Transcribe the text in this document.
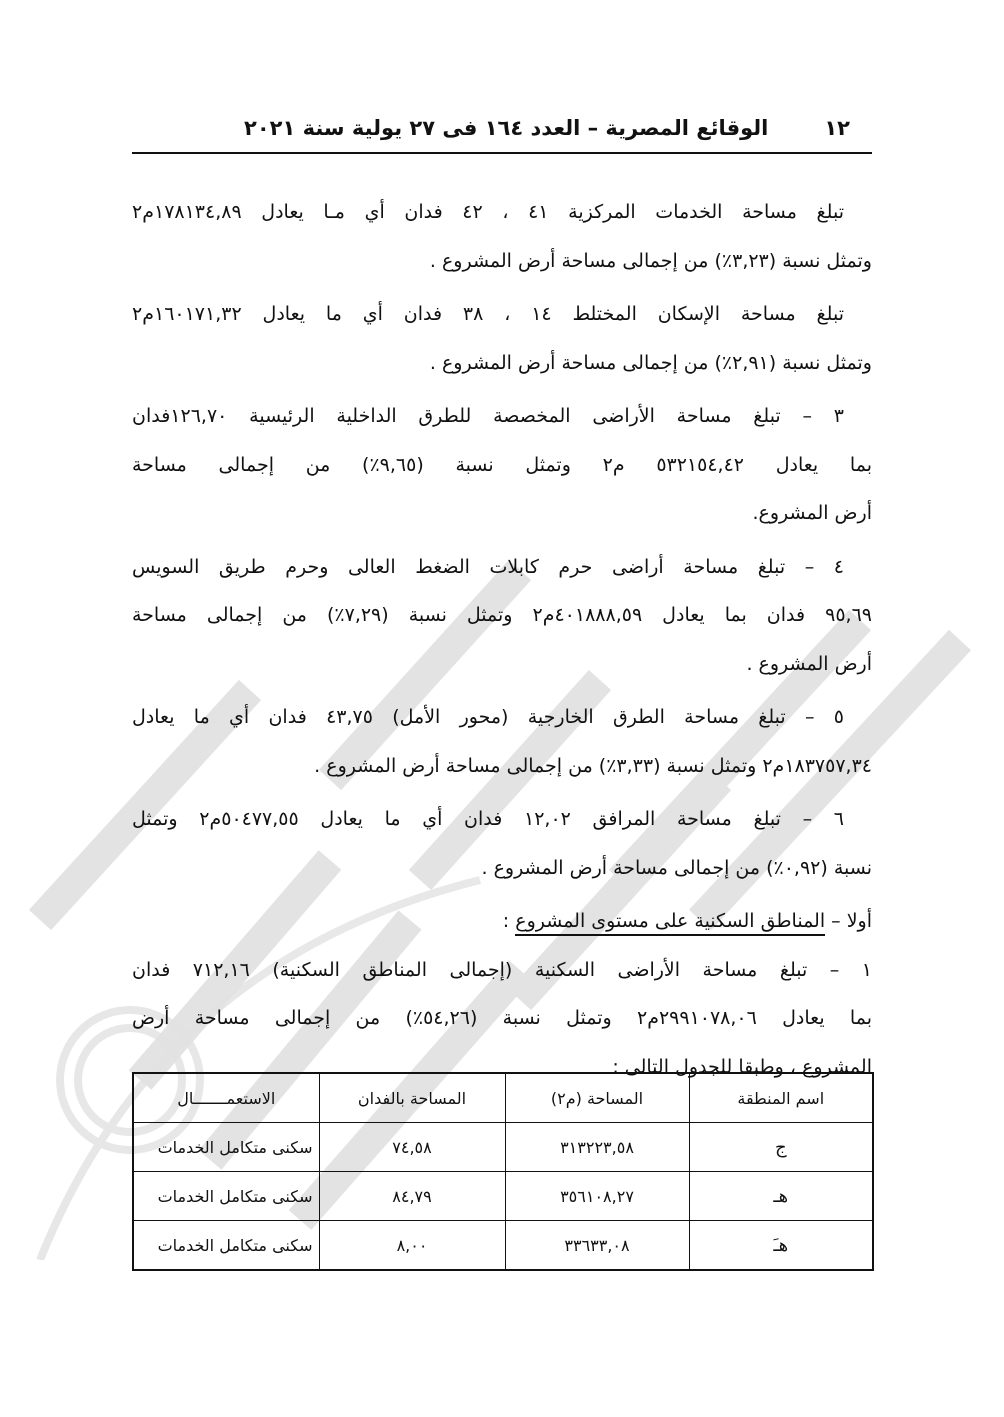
١٢
الوقائع المصرية – العدد ١٦٤ فى ٢٧ يولية سنة ٢٠٢١
تبلغ مساحة الخدمات المركزية ٤١ ، ٤٢ فدان أي مـا يعادل ١٧٨١٣٤,٨٩م٢
وتمثل نسبة (٣,٢٣٪) من إجمالى مساحة أرض المشروع .
تبلغ مساحة الإسكان المختلط ١٤ ، ٣٨ فدان أي ما يعادل ١٦٠١٧١,٣٢م٢
وتمثل نسبة (٢,٩١٪) من إجمالى مساحة أرض المشروع .
٣ – تبلغ مساحة الأراضى المخصصة للطرق الداخلية الرئيسية ١٢٦,٧٠فدان
بما يعادل ٥٣٢١٥٤,٤٢ م٢ وتمثل نسبة (٩,٦٥٪) من إجمالى مساحة
أرض المشروع.
٤ – تبلغ مساحة أراضى حرم كابلات الضغط العالى وحرم طريق السويس
٩٥,٦٩ فدان بما يعادل ٤٠١٨٨٨,٥٩م٢ وتمثل نسبة (٧,٢٩٪) من إجمالى مساحة
أرض المشروع .
٥ – تبلغ مساحة الطرق الخارجية (محور الأمل) ٤٣,٧٥ فدان أي ما يعادل
١٨٣٧٥٧,٣٤م٢ وتمثل نسبة (٣,٣٣٪) من إجمالى مساحة أرض المشروع .
٦ – تبلغ مساحة المرافق ١٢,٠٢ فدان أي ما يعادل ٥٠٤٧٧,٥٥م٢ وتمثل
نسبة (٠,٩٢٪) من إجمالى مساحة أرض المشروع .
أولا – المناطق السكنية على مستوى المشروع :
١ – تبلغ مساحة الأراضى السكنية (إجمالى المناطق السكنية) ٧١٢,١٦ فدان
بما يعادل ٢٩٩١٠٧٨,٠٦م٢ وتمثل نسبة (٥٤,٢٦٪) من إجمالى مساحة أرض
المشروع ، وطبقا للجدول التالى :
اسم المنطقة	المساحة (م٢)	المساحة بالفدان	الاستعمـــــــال
ج	٣١٣٢٢٣,٥٨	٧٤,٥٨	سكنى متكامل الخدمات
هـ	٣٥٦١٠٨,٢٧	٨٤,٧٩	سكنى متكامل الخدمات
هـَ	٣٣٦٣٣,٠٨	٨,٠٠	سكنى متكامل الخدمات
